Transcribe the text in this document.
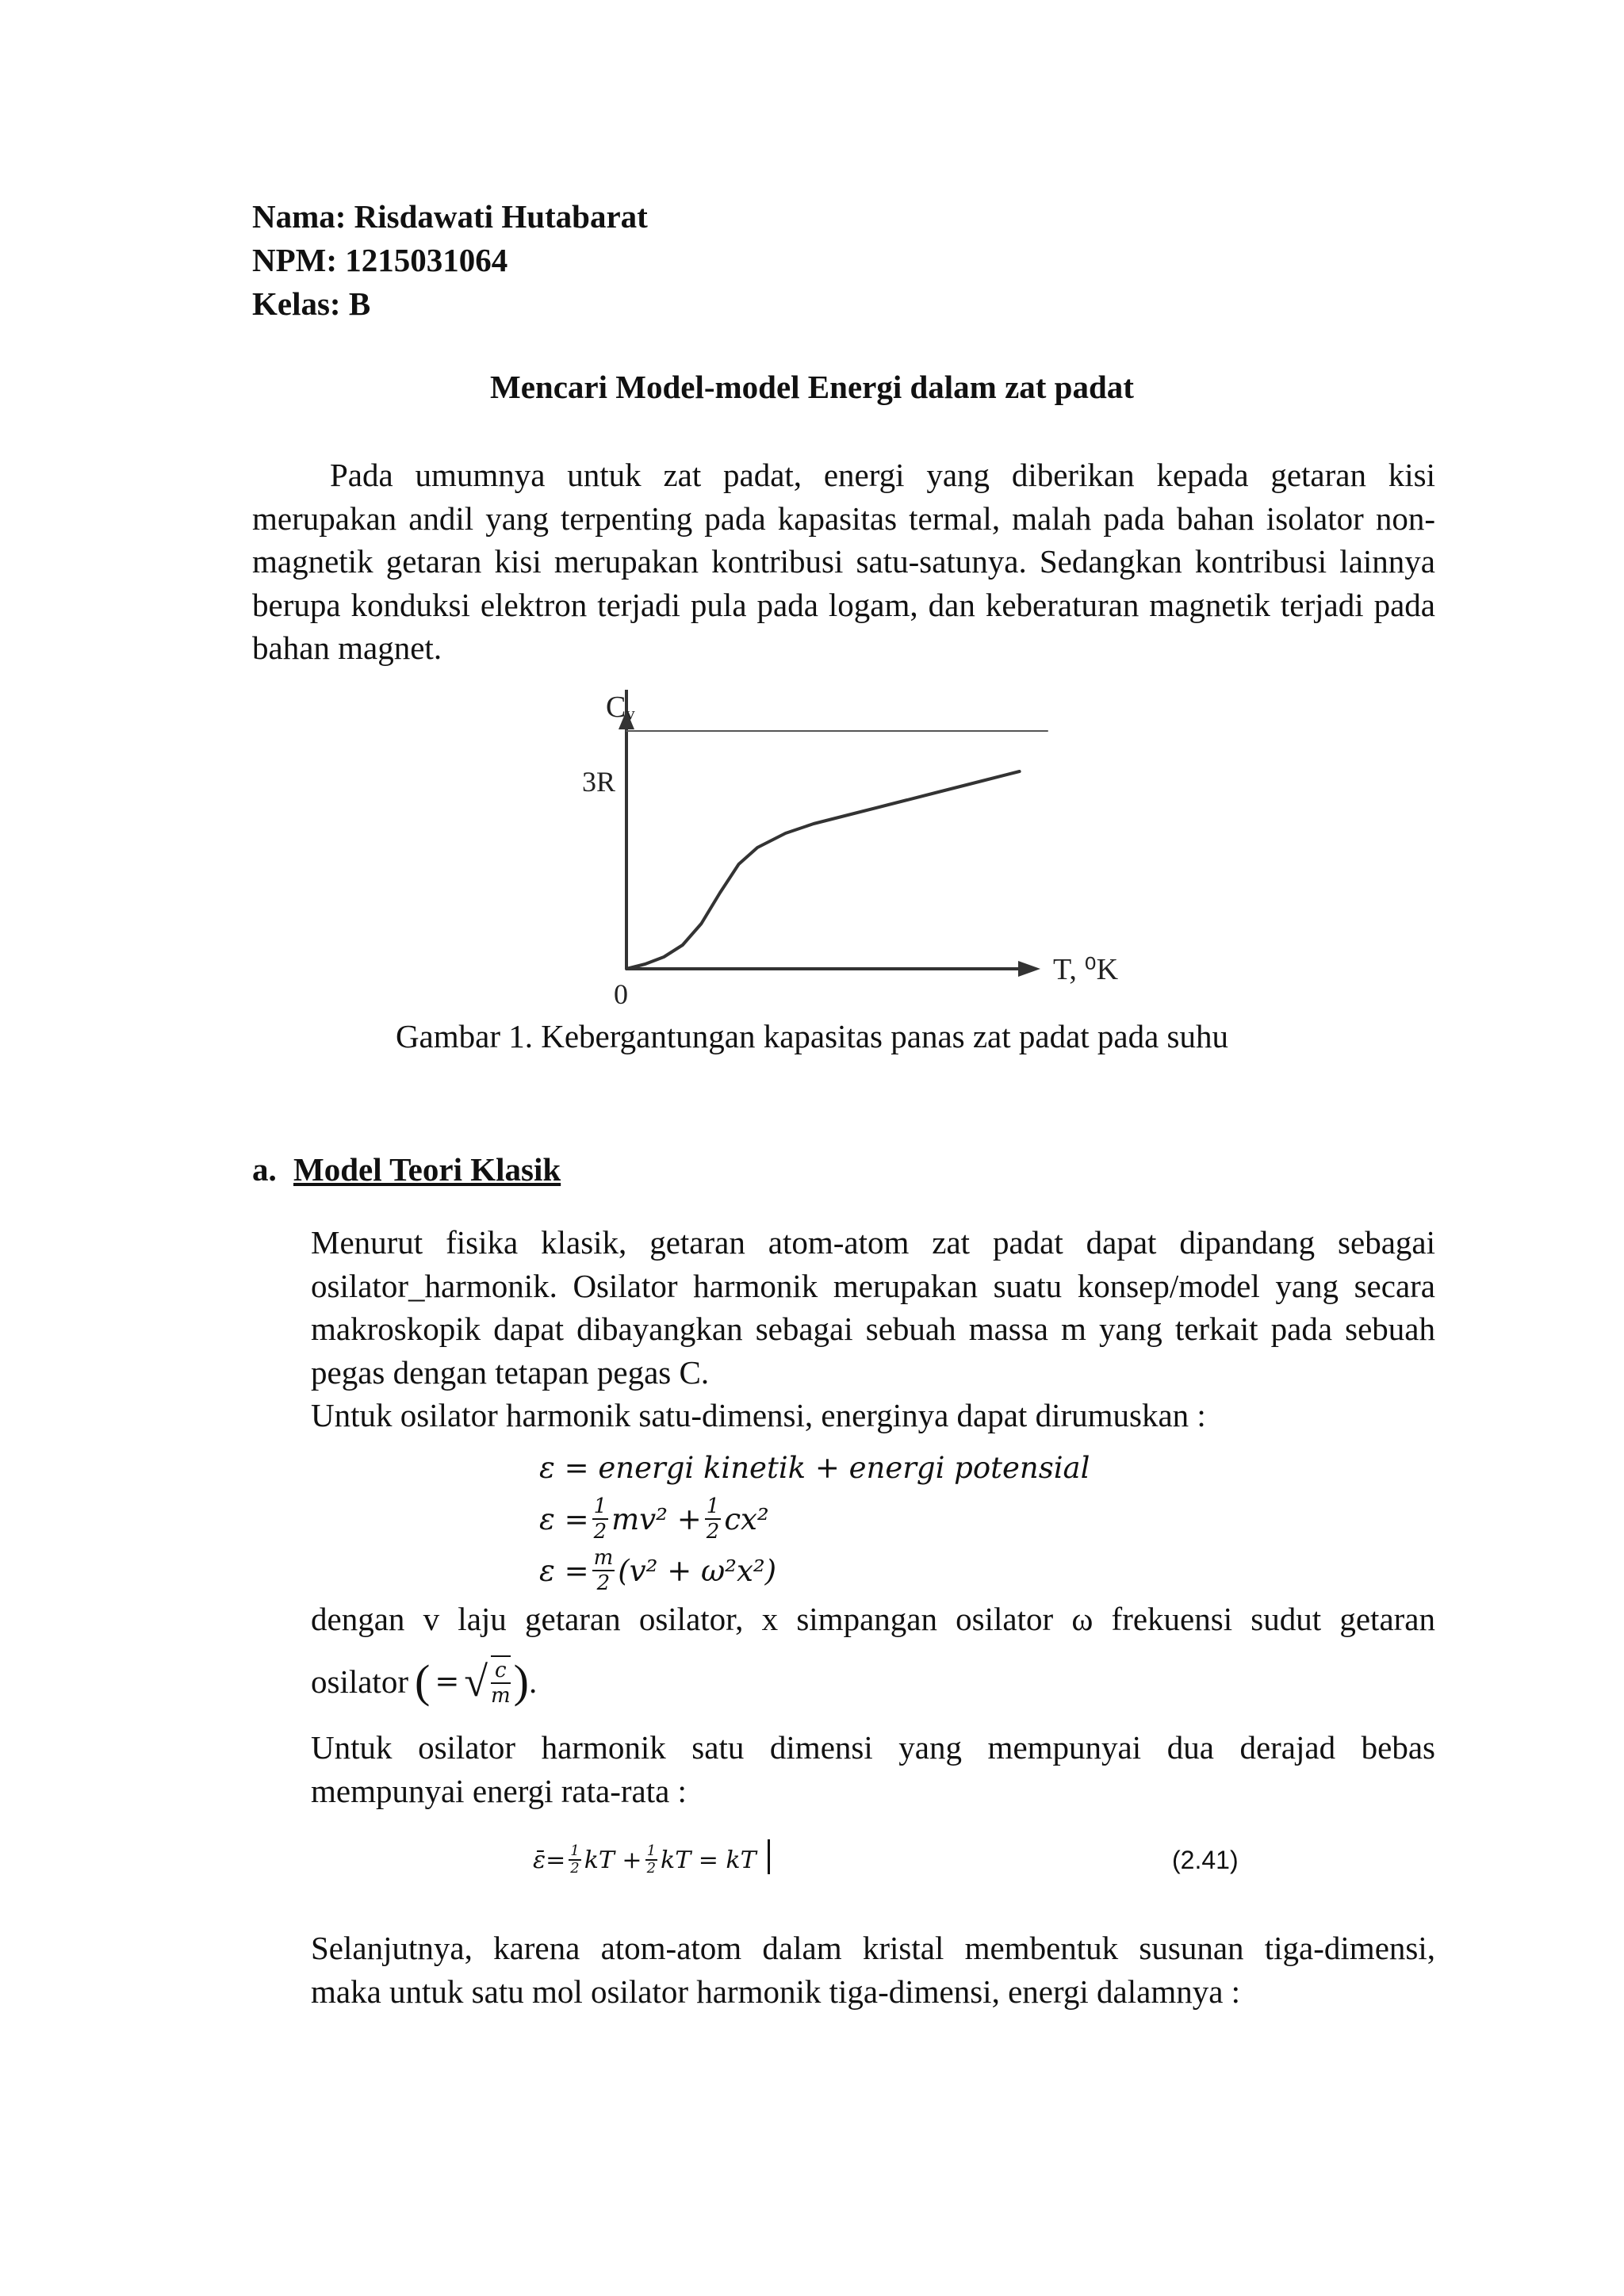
Nama: Risdawati Hutabarat
NPM: 1215031064
Kelas: B
Mencari Model-model Energi dalam zat padat
Pada umumnya untuk zat padat, energi yang diberikan kepada getaran kisi
merupakan andil yang terpenting pada kapasitas termal, malah pada bahan isolator non-
magnetik getaran kisi merupakan kontribusi satu-satunya. Sedangkan kontribusi lainnya
berupa konduksi elektron terjadi pula pada logam, dan keberaturan magnetik terjadi pada
bahan magnet.
Cᵥ
3R
0
T, ⁰K
Gambar 1. Kebergantungan kapasitas panas zat padat pada suhu
a. Model Teori Klasik
Menurut fisika klasik, getaran atom-atom zat padat dapat dipandang sebagai
osilator_harmonik. Osilator harmonik merupakan suatu konsep/model yang secara
makroskopik dapat dibayangkan sebagai sebuah massa m yang terkait pada sebuah
pegas dengan tetapan pegas C.
Untuk osilator harmonik satu-dimensi, energinya dapat dirumuskan :
ε = energi kinetik + energi potensial
$\varepsilon = \frac{1}{2} mv^2 + \frac{1}{2} cx^2$
$\varepsilon = \frac{m}{2} (v^2 + \omega^2x^2)$
dengan v laju getaran osilator, x simpangan osilator ω frekuensi sudut getaran
osilator ( = √ $\frac{c}{m}$ ) .
Untuk osilator harmonik satu dimensi yang mempunyai dua derajad bebas
mempunyai energi rata-rata :
ε̄= $\frac{1}{2}$ kT + $\frac{1}{2}$ kT = kT	(2.41)
Selanjutnya, karena atom-atom dalam kristal membentuk susunan tiga-dimensi,
maka untuk satu mol osilator harmonik tiga-dimensi, energi dalamnya :
